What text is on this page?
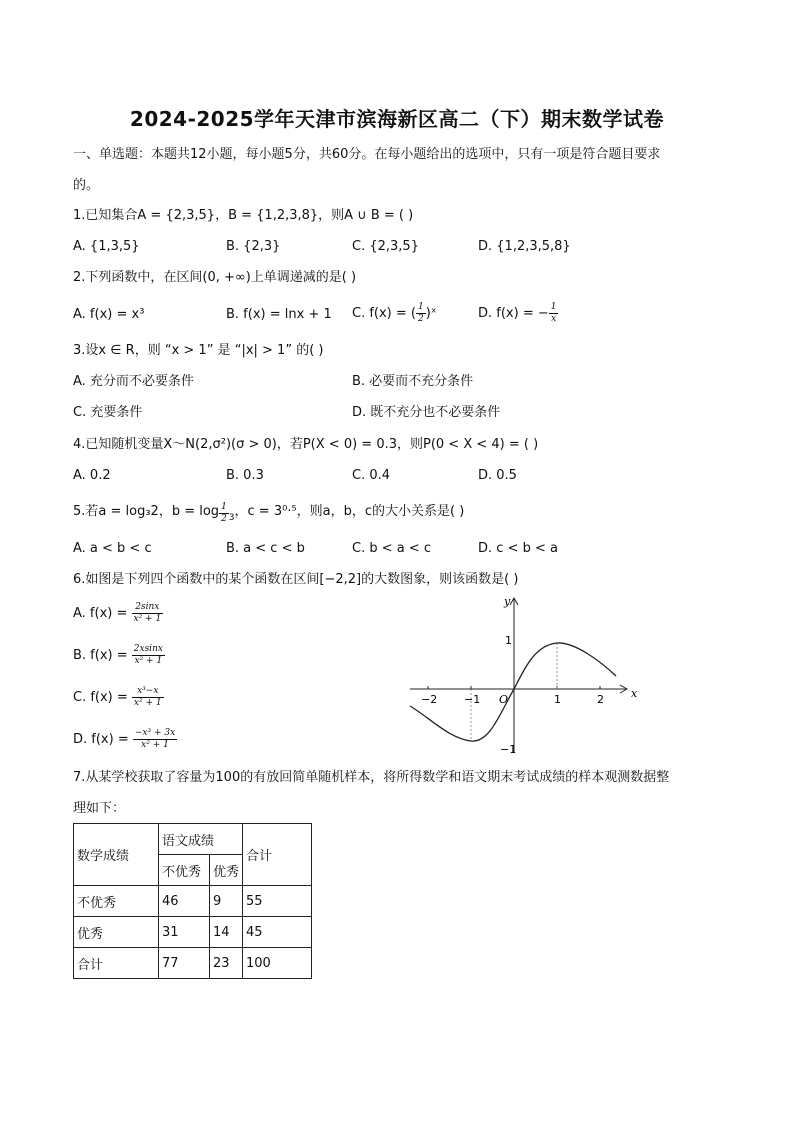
2024-2025学年天津市滨海新区高二（下）期末数学试卷
一、单选题：本题共12小题，每小题5分，共60分。在每小题给出的选项中，只有一项是符合题目要求
的。
1.已知集合A = {2,3,5}，B = {1,2,3,8}，则A ∪ B = ( )
A. {1,3,5}	B. {2,3}	C. {2,3,5}	D. {1,2,3,5,8}
2.下列函数中，在区间(0, +∞)上单调递减的是( )
A. f(x) = x³	B. f(x) = lnx + 1 C. f(x) = ( $\frac{1}{2}$ )ˣ	D. f(x) = − $\frac{1}{x}$
3.设x ∈ R，则 “x > 1” 是 “|x| > 1” 的( )
A. 充分而不必要条件	B. 必要而不充分条件
C. 充要条件	D. 既不充分也不必要条件
4.已知随机变量X～N(2,σ²)(σ > 0)，若P(X < 0) = 0.3，则P(0 < X < 4) = ( )
A. 0.2	B. 0.3	C. 0.4	D. 0.5
5.若a = log₃2，$b = \log \frac{1}{2} _3$，c = 3⁰·⁵，则a，b，c的大小关系是( )
A. a < b < c	B. a < c < b	C. b < a < c	D. c < b < a
6.如图是下列四个函数中的某个函数在区间[−2,2]的大数图象，则该函数是( )
A. $f(x) = \frac{2\sin x}{\text{x² + 1}}$
B. $f(x) = \frac{2xsinx}{\text{x² + 1}}$
C. $f(x) = \frac{\text{x³−x}}{\text{x² + 1}}$
D. $f(x) = \frac{\text{−x³ + 3x}}{\text{x² + 1}}$
x
y
O
−2 −1	1	2
1
−1
7.从某学校获取了容量为100的有放回简单随机样本，将所得数学和语文期末考试成绩的样本观测数据整
理如下：
数学成绩	语文成绩		合计
	不优秀	优秀	
不优秀	46	9	55
优秀	31	14	45
合计	77	23	100
